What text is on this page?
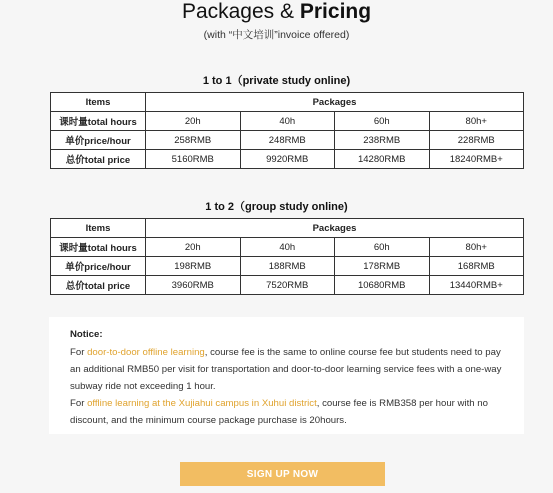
Packages & Pricing
(with “中文培训”invoice offered)
1 to 1（private study online)
Items	Packages			
课时量total hours	20h	40h	60h	80h+
单价price/hour	258RMB	248RMB	238RMB	228RMB
总价total price	5160RMB	9920RMB	14280RMB	18240RMB+
1 to 2（group study online)
Items	Packages			
课时量total hours	20h	40h	60h	80h+
单价price/hour	198RMB	188RMB	178RMB	168RMB
总价total price	3960RMB	7520RMB	10680RMB	13440RMB+
Notice:
For door-to-door offline learning, course fee is the same to online course fee but students need to pay an additional RMB50 per visit for transportation and door-to-door learning service fees with a one-way subway ride not exceeding 1 hour.
For offline learning at the Xujiahui campus in Xuhui district, course fee is RMB358 per hour with no discount, and the minimum course package purchase is 20hours.
SIGN UP NOW
